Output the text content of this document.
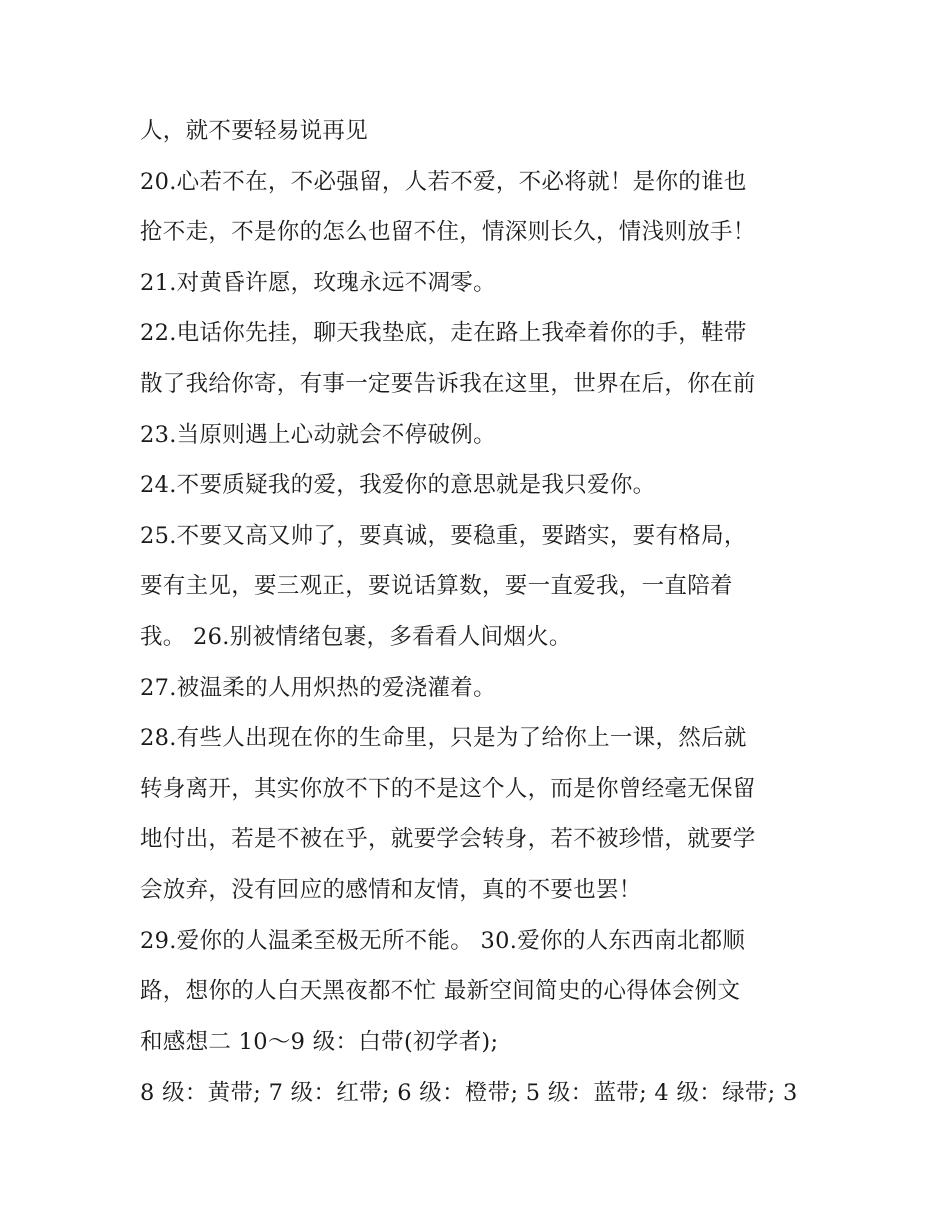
人，就不要轻易说再见
20.心若不在，不必强留，人若不爱，不必将就！是你的谁也
抢不走，不是你的怎么也留不住，情深则长久，情浅则放手！
21.对黄昏许愿，玫瑰永远不凋零。
22.电话你先挂，聊天我垫底，走在路上我牵着你的手，鞋带
散了我给你寄，有事一定要告诉我在这里，世界在后，你在前
23.当原则遇上心动就会不停破例。
24.不要质疑我的爱，我爱你的意思就是我只爱你。
25.不要又高又帅了，要真诚，要稳重，要踏实，要有格局，
要有主见，要三观正，要说话算数，要一直爱我，一直陪着
我。 26.别被情绪包裹，多看看人间烟火。
27.被温柔的人用炽热的爱浇灌着。
28.有些人出现在你的生命里，只是为了给你上一课，然后就
转身离开，其实你放不下的不是这个人，而是你曾经毫无保留
地付出，若是不被在乎，就要学会转身，若不被珍惜，就要学
会放弃，没有回应的感情和友情，真的不要也罢！
29.爱你的人温柔至极无所不能。 30.爱你的人东西南北都顺
路，想你的人白天黑夜都不忙 最新空间简史的心得体会例文
和感想二 10～9 级：白带(初学者);
8 级：黄带; 7 级：红带; 6 级：橙带; 5 级：蓝带; 4 级：绿带; 3
